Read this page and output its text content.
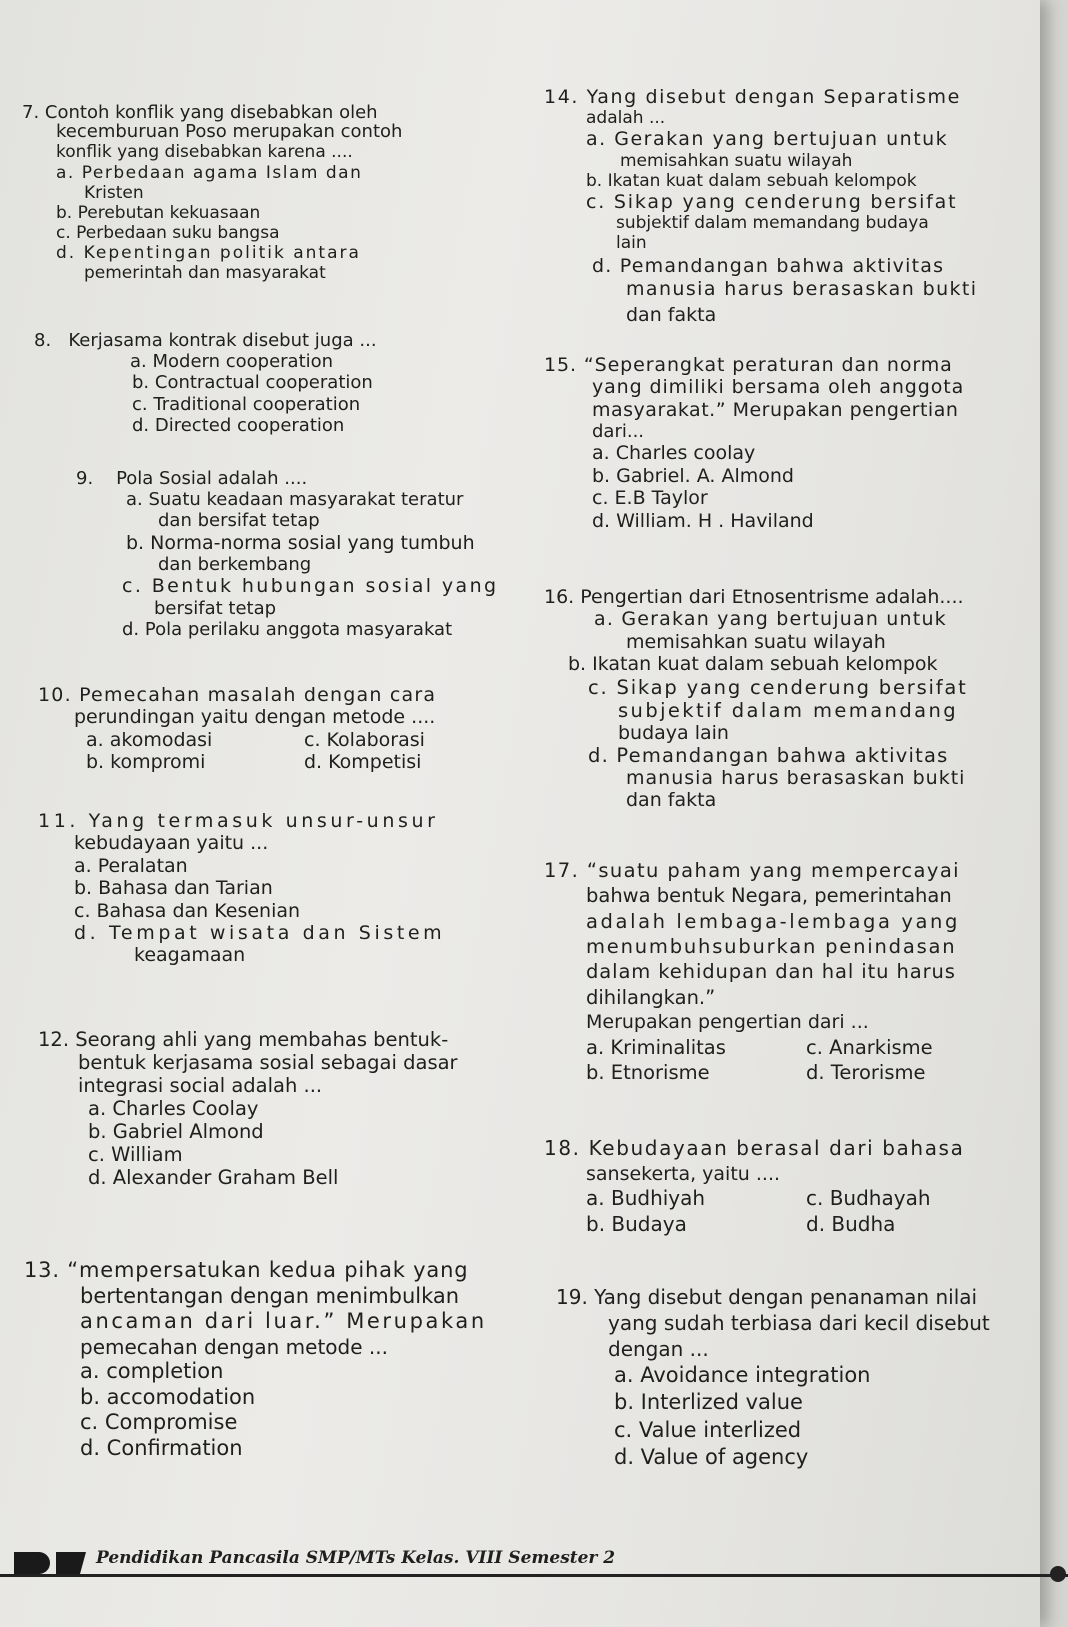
7. Contoh konflik yang disebabkan oleh
kecemburuan Poso merupakan contoh
konflik yang disebabkan karena ....
a. Perbedaan agama Islam dan
Kristen
b. Perebutan kekuasaan
c. Perbedaan suku bangsa
d. Kepentingan politik antara
pemerintah dan masyarakat
8. Kerjasama kontrak disebut juga ...
a. Modern cooperation
b. Contractual cooperation
c. Traditional cooperation
d. Directed cooperation
9. Pola Sosial adalah ....
a. Suatu keadaan masyarakat teratur
dan bersifat tetap
b. Norma-norma sosial yang tumbuh
dan berkembang
c. Bentuk hubungan sosial yang
bersifat tetap
d. Pola perilaku anggota masyarakat
10. Pemecahan masalah dengan cara
perundingan yaitu dengan metode ....
a. akomodasi	c. Kolaborasi
b. kompromi	d. Kompetisi
11. Yang termasuk unsur-unsur
kebudayaan yaitu ...
a. Peralatan
b. Bahasa dan Tarian
c. Bahasa dan Kesenian
d. Tempat wisata dan Sistem
keagamaan
12. Seorang ahli yang membahas bentuk-
bentuk kerjasama sosial sebagai dasar
integrasi social adalah ...
a. Charles Coolay
b. Gabriel Almond
c. William
d. Alexander Graham Bell
13. “mempersatukan kedua pihak yang
bertentangan dengan menimbulkan
ancaman dari luar.” Merupakan
pemecahan dengan metode ...
a. completion
b. accomodation
c. Compromise
d. Confirmation
14. Yang disebut dengan Separatisme
adalah ...
a. Gerakan yang bertujuan untuk
memisahkan suatu wilayah
b. Ikatan kuat dalam sebuah kelompok
c. Sikap yang cenderung bersifat
subjektif dalam memandang budaya
lain
d. Pemandangan bahwa aktivitas
manusia harus berasaskan bukti
dan fakta
15. “Seperangkat peraturan dan norma
yang dimiliki bersama oleh anggota
masyarakat.” Merupakan pengertian
dari...
a. Charles coolay
b. Gabriel. A. Almond
c. E.B Taylor
d. William. H . Haviland
16. Pengertian dari Etnosentrisme adalah....
a. Gerakan yang bertujuan untuk
memisahkan suatu wilayah
b. Ikatan kuat dalam sebuah kelompok
c. Sikap yang cenderung bersifat
subjektif dalam memandang
budaya lain
d. Pemandangan bahwa aktivitas
manusia harus berasaskan bukti
dan fakta
17. “suatu paham yang mempercayai
bahwa bentuk Negara, pemerintahan
adalah lembaga-lembaga yang
menumbuhsuburkan penindasan
dalam kehidupan dan hal itu harus
dihilangkan.”
Merupakan pengertian dari ...
a. Kriminalitas	c. Anarkisme
b. Etnorisme	d. Terorisme
18. Kebudayaan berasal dari bahasa
sansekerta, yaitu ....
a. Budhiyah	c. Budhayah
b. Budaya	d. Budha
19. Yang disebut dengan penanaman nilai
yang sudah terbiasa dari kecil disebut
dengan ...
a. Avoidance integration
b. Interlized value
c. Value interlized
d. Value of agency
Pendidikan Pancasila SMP/MTs Kelas. VIII Semester 2
